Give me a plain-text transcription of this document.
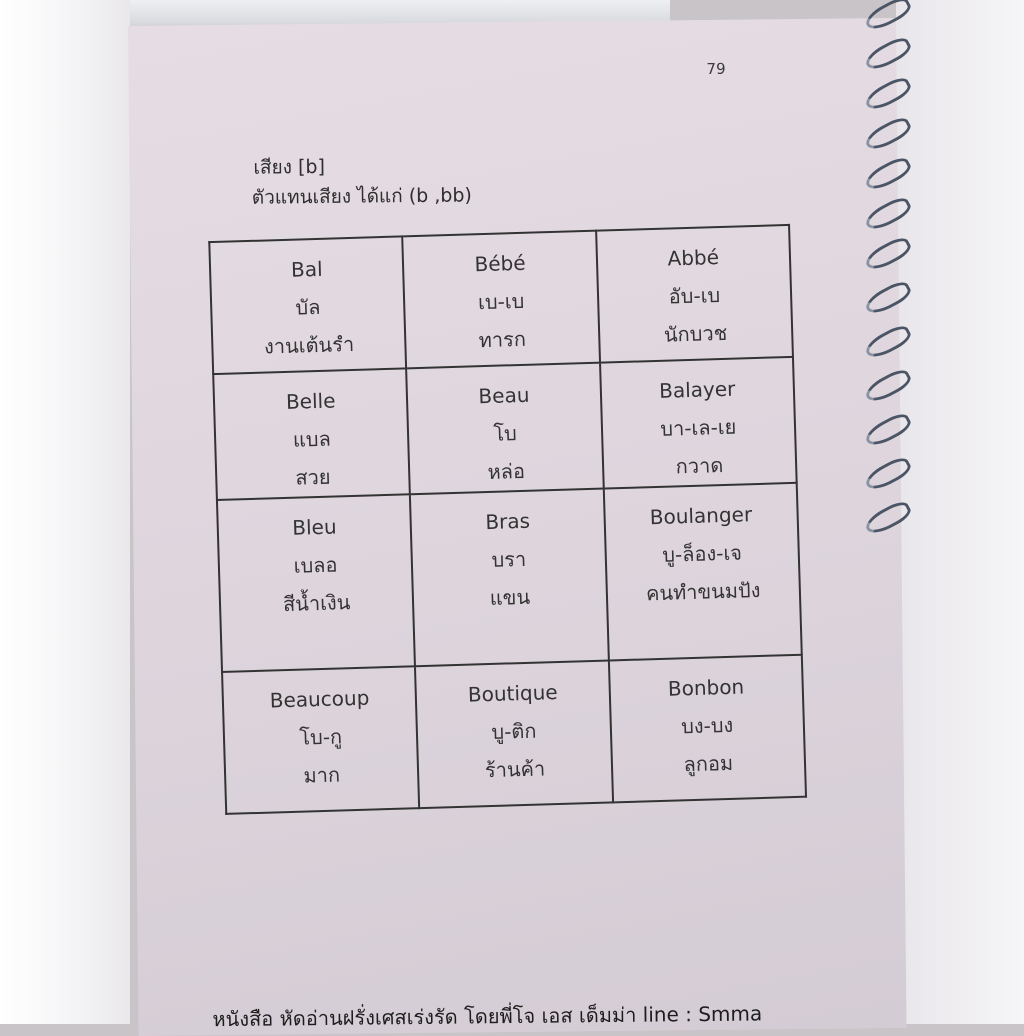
79
เสียง [b]
ตัวแทนเสียง ได้แก่ (b ,bb)
Bal
บัล
งานเต้นรำ	Bébé
เบ-เบ
ทารก	Abbé
อับ-เบ
นักบวช

Belle
แบล
สวย	Beau
โบ
หล่อ	Balayer
บา-เล-เย
กวาด

Bleu
เบลอ
สีน้ำเงิน	Bras
บรา
แขน	Boulanger
บู-ล็อง-เจ
คนทำขนมปัง

Beaucoup
โบ-กู
มาก	Boutique
บู-ติก
ร้านค้า	Bonbon
บง-บง
ลูกอม
หนังสือ หัดอ่านฝรั่งเศสเร่งรัด โดยพี่โจ เอส เด็มม่า line : Smma
